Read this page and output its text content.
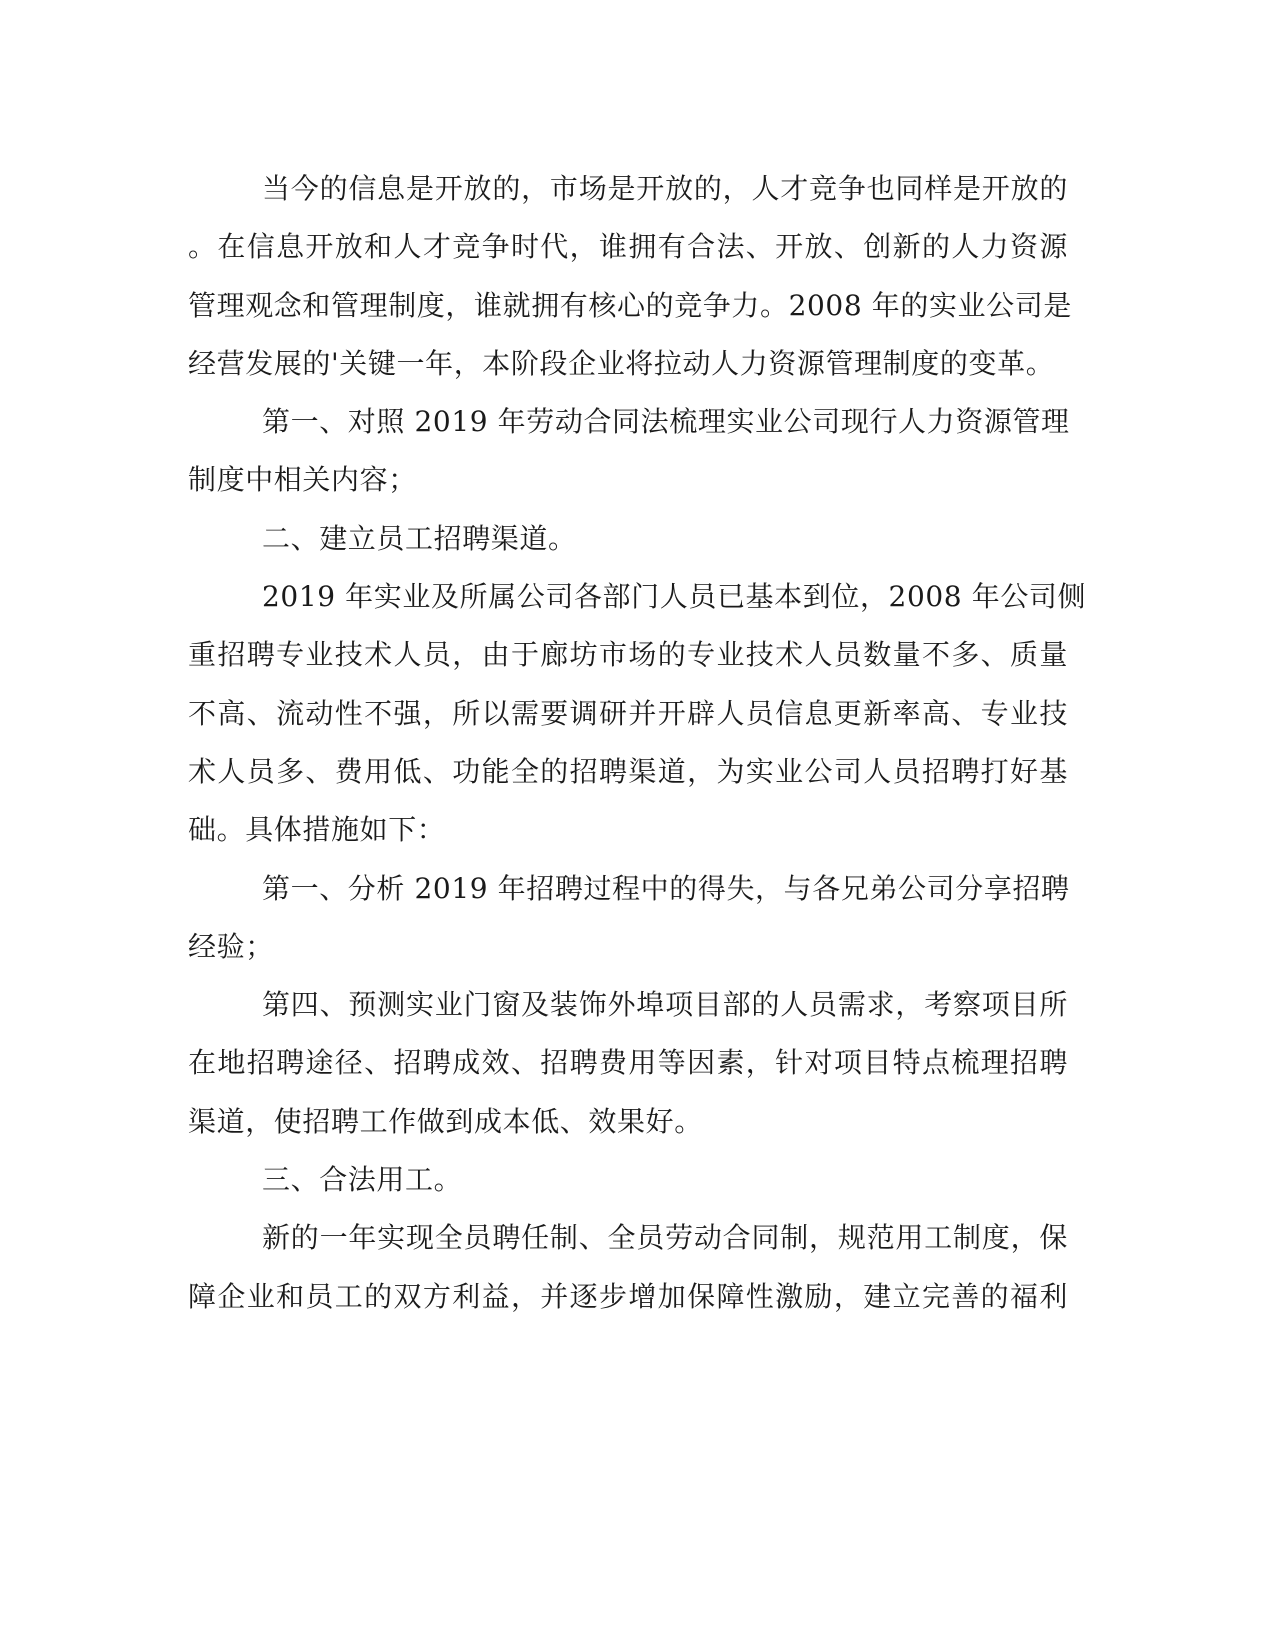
当今的信息是开放的，市场是开放的，人才竞争也同样是开放的
。在信息开放和人才竞争时代，谁拥有合法、开放、创新的人力资源
管理观念和管理制度，谁就拥有核心的竞争力。2008 年的实业公司是
经营发展的'关键一年，本阶段企业将拉动人力资源管理制度的变革。
第一、对照 2019 年劳动合同法梳理实业公司现行人力资源管理
制度中相关内容；
二、建立员工招聘渠道。
2019 年实业及所属公司各部门人员已基本到位，2008 年公司侧
重招聘专业技术人员，由于廊坊市场的专业技术人员数量不多、质量
不高、流动性不强，所以需要调研并开辟人员信息更新率高、专业技
术人员多、费用低、功能全的招聘渠道，为实业公司人员招聘打好基
础。具体措施如下：
第一、分析 2019 年招聘过程中的得失，与各兄弟公司分享招聘
经验；
第四、预测实业门窗及装饰外埠项目部的人员需求，考察项目所
在地招聘途径、招聘成效、招聘费用等因素，针对项目特点梳理招聘
渠道，使招聘工作做到成本低、效果好。
三、合法用工。
新的一年实现全员聘任制、全员劳动合同制，规范用工制度，保
障企业和员工的双方利益，并逐步增加保障性激励，建立完善的福利
